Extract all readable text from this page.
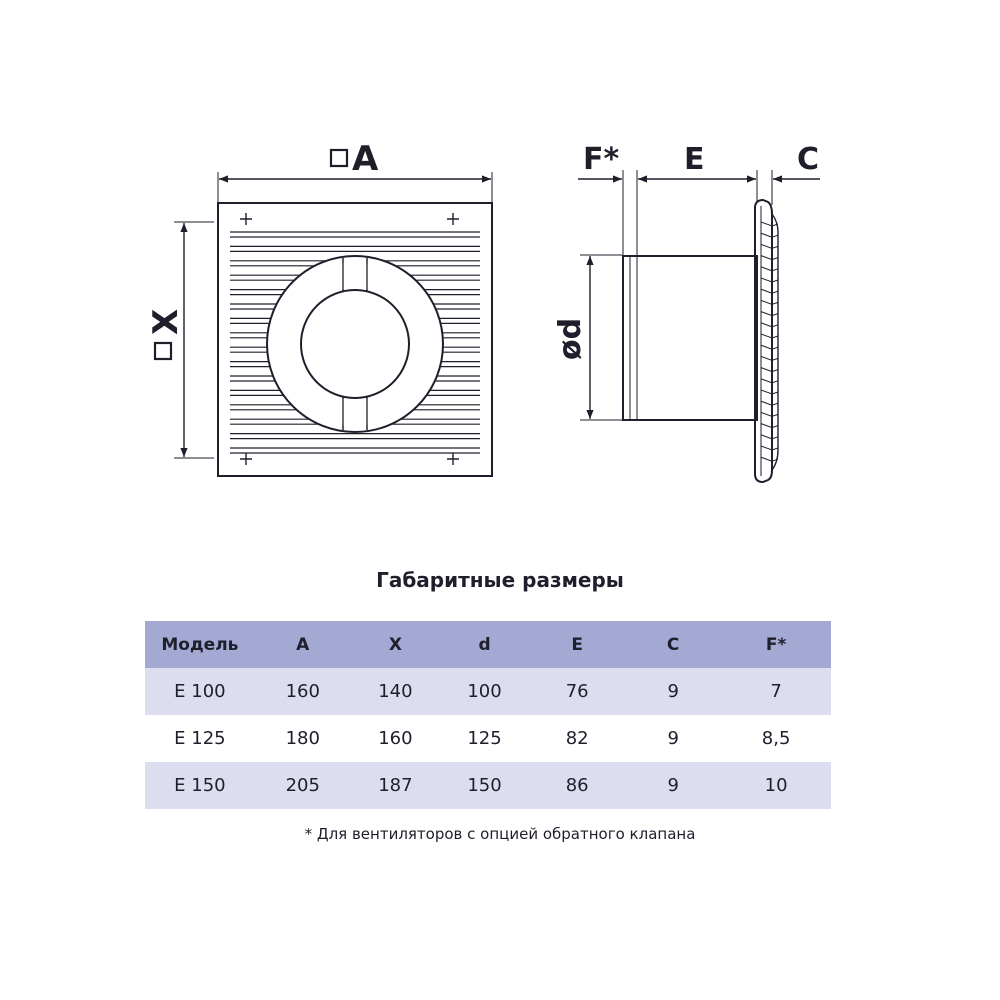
A
X
F* E	C
ød
Габаритные размеры
Модель	A	X	d	E	C	F*
E 100	160	140	100	76	9	7
E 125	180	160	125	82	9	8,5
E 150	205	187	150	86	9	10
* Для вентиляторов с опцией обратного клапана
